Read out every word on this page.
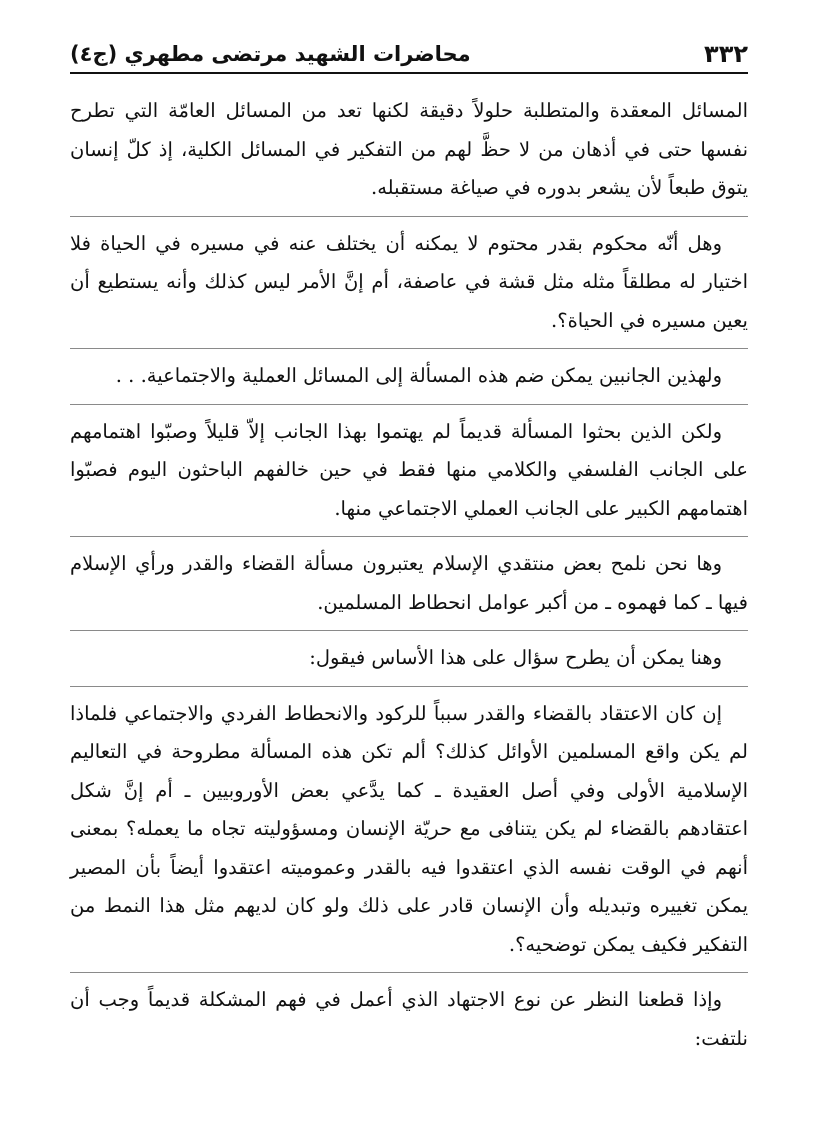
٣٣٢
محاضرات الشهيد مرتضى مطهري (ج٤)

المسائل المعقدة والمتطلبة حلولاً دقيقة لكنها تعد من المسائل العامّة التي تطرح نفسها حتى في أذهان من لا حظَّ لهم من التفكير في المسائل الكلية، إذ كلّ إنسان يتوق طبعاً لأن يشعر بدوره في صياغة مستقبله.

وهل أنّه محكوم بقدر محتوم لا يمكنه أن يختلف عنه في مسيره في الحياة فلا اختيار له مطلقاً مثله مثل قشة في عاصفة، أم إنَّ الأمر ليس كذلك وأنه يستطيع أن يعين مسيره في الحياة؟.

ولهذين الجانبين يمكن ضم هذه المسألة إلى المسائل العملية والاجتماعية. . .

ولكن الذين بحثوا المسألة قديماً لم يهتموا بهذا الجانب إلاّ قليلاً وصبّوا اهتمامهم على الجانب الفلسفي والكلامي منها فقط في حين خالفهم الباحثون اليوم فصبّوا اهتمامهم الكبير على الجانب العملي الاجتماعي منها.

وها نحن نلمح بعض منتقدي الإسلام يعتبرون مسألة القضاء والقدر ورأي الإسلام فيها ـ كما فهموه ـ من أكبر عوامل انحطاط المسلمين.

وهنا يمكن أن يطرح سؤال على هذا الأساس فيقول:

إن كان الاعتقاد بالقضاء والقدر سبباً للركود والانحطاط الفردي والاجتماعي فلماذا لم يكن واقع المسلمين الأوائل كذلك؟ ألم تكن هذه المسألة مطروحة في التعاليم الإسلامية الأولى وفي أصل العقيدة ـ كما يدَّعي بعض الأوروبيين ـ أم إنَّ شكل اعتقادهم بالقضاء لم يكن يتنافى مع حريّة الإنسان ومسؤوليته تجاه ما يعمله؟ بمعنى أنهم في الوقت نفسه الذي اعتقدوا فيه بالقدر وعموميته اعتقدوا أيضاً بأن المصير يمكن تغييره وتبديله وأن الإنسان قادر على ذلك ولو كان لديهم مثل هذا النمط من التفكير فكيف يمكن توضحيه؟.

وإذا قطعنا النظر عن نوع الاجتهاد الذي أعمل في فهم المشكلة قديماً وجب أن نلتفت:
